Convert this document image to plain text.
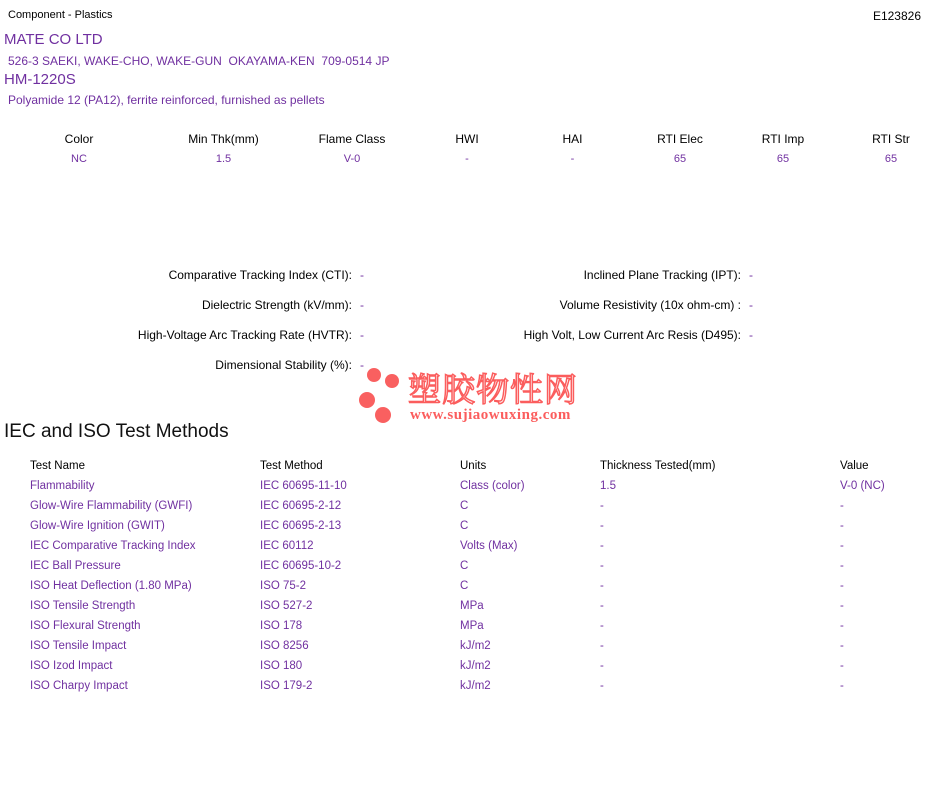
Component - Plastics	E123826
MATE CO LTD
526-3 SAEKI, WAKE-CHO, WAKE-GUN  OKAYAMA-KEN  709-0514 JP
HM-1220S
Polyamide 12 (PA12), ferrite reinforced, furnished as pellets
Color	Min Thk(mm)	Flame Class	HWI	HAI	RTI Elec	RTI Imp	RTI Str
NC	1.5	V-0	-	-	65	65	65
Comparative Tracking Index (CTI): -	Inclined Plane Tracking (IPT): -
Dielectric Strength (kV/mm): -	Volume Resistivity (10x ohm-cm) : -
High-Voltage Arc Tracking Rate (HVTR): -	High Volt, Low Current Arc Resis (D495): -
Dimensional Stability (%): -
塑胶物性网
www.sujiaowuxing.com
IEC and ISO Test Methods
Test Name	Test Method	Units	Thickness Tested(mm)	Value
Flammability	IEC 60695-11-10	Class (color)	1.5	V-0 (NC)
Glow-Wire Flammability (GWFI)	IEC 60695-2-12	C	-	-
Glow-Wire Ignition (GWIT)	IEC 60695-2-13	C	-	-
IEC Comparative Tracking Index	IEC 60112	Volts (Max)	-	-
IEC Ball Pressure	IEC 60695-10-2	C	-	-
ISO Heat Deflection (1.80 MPa)	ISO 75-2	C	-	-
ISO Tensile Strength	ISO 527-2	MPa	-	-
ISO Flexural Strength	ISO 178	MPa	-	-
ISO Tensile Impact	ISO 8256	kJ/m2	-	-
ISO Izod Impact	ISO 180	kJ/m2	-	-
ISO Charpy Impact	ISO 179-2	kJ/m2	-	-
